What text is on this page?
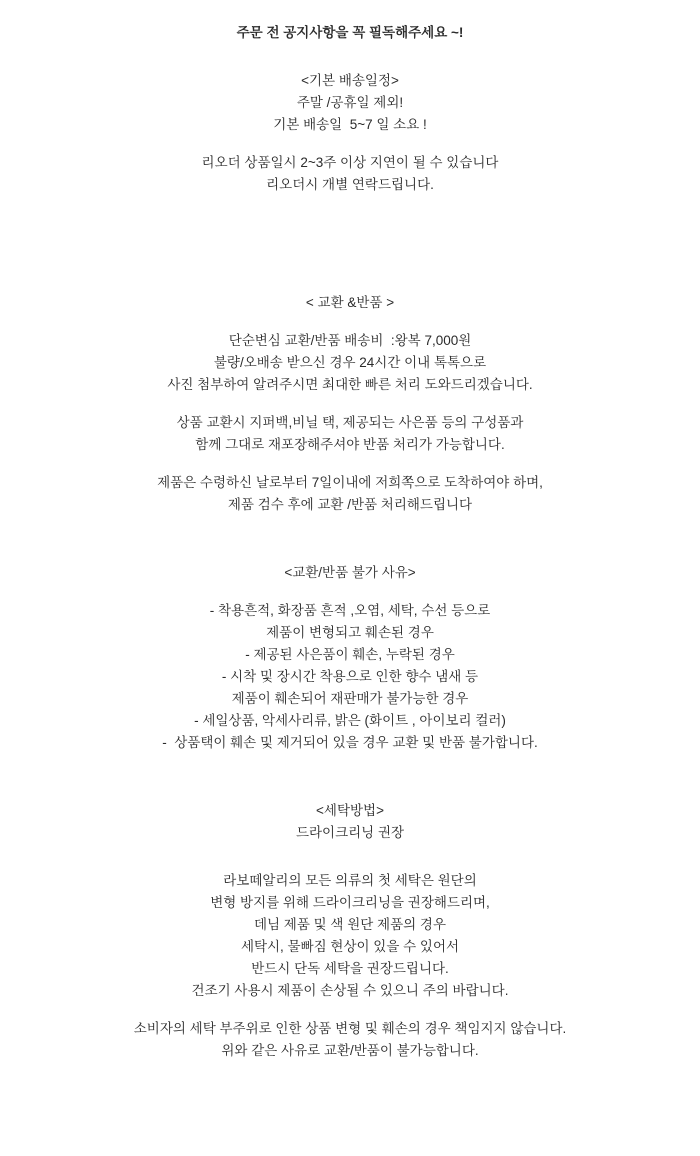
주문 전 공지사항을 꼭 필독해주세요 ~!
<기본 배송일정>
주말 /공휴일 제외!
기본 배송일  5~7 일 소요 !
리오더 상품일시 2~3주 이상 지연이 될 수 있습니다
리오더시 개별 연락드립니다.
< 교환 &반품 >
단순변심 교환/반품 배송비  :왕복 7,000원
불량/오배송 받으신 경우 24시간 이내 톡톡으로
사진 첨부하여 알려주시면 최대한 빠른 처리 도와드리겠습니다.
상품 교환시 지퍼백,비닐 택, 제공되는 사은품 등의 구성품과
함께 그대로 재포장해주셔야 반품 처리가 가능합니다.
제품은 수령하신 날로부터 7일이내에 저희쪽으로 도착하여야 하며,
제품 검수 후에 교환 /반품 처리해드립니다
<교환/반품 불가 사유>
- 착용흔적, 화장품 흔적 ,오염, 세탁, 수선 등으로
제품이 변형되고 훼손된 경우
- 제공된 사은품이 훼손, 누락된 경우
- 시착 및 장시간 착용으로 인한 향수 냄새 등
제품이 훼손되어 재판매가 불가능한 경우
- 세일상품, 악세사리류, 밝은 (화이트 , 아이보리 컬러)
-  상품택이 훼손 및 제거되어 있을 경우 교환 및 반품 불가합니다.
<세탁방법>
드라이크리닝 권장
라보떼알리의 모든 의류의 첫 세탁은 원단의
변형 방지를 위해 드라이크리닝을 권장해드리며,
데님 제품 및 색 원단 제품의 경우
세탁시, 물빠짐 현상이 있을 수 있어서
반드시 단독 세탁을 권장드립니다.
건조기 사용시 제품이 손상될 수 있으니 주의 바랍니다.
소비자의 세탁 부주위로 인한 상품 변형 및 훼손의 경우 책임지지 않습니다.
위와 같은 사유로 교환/반품이 불가능합니다.
